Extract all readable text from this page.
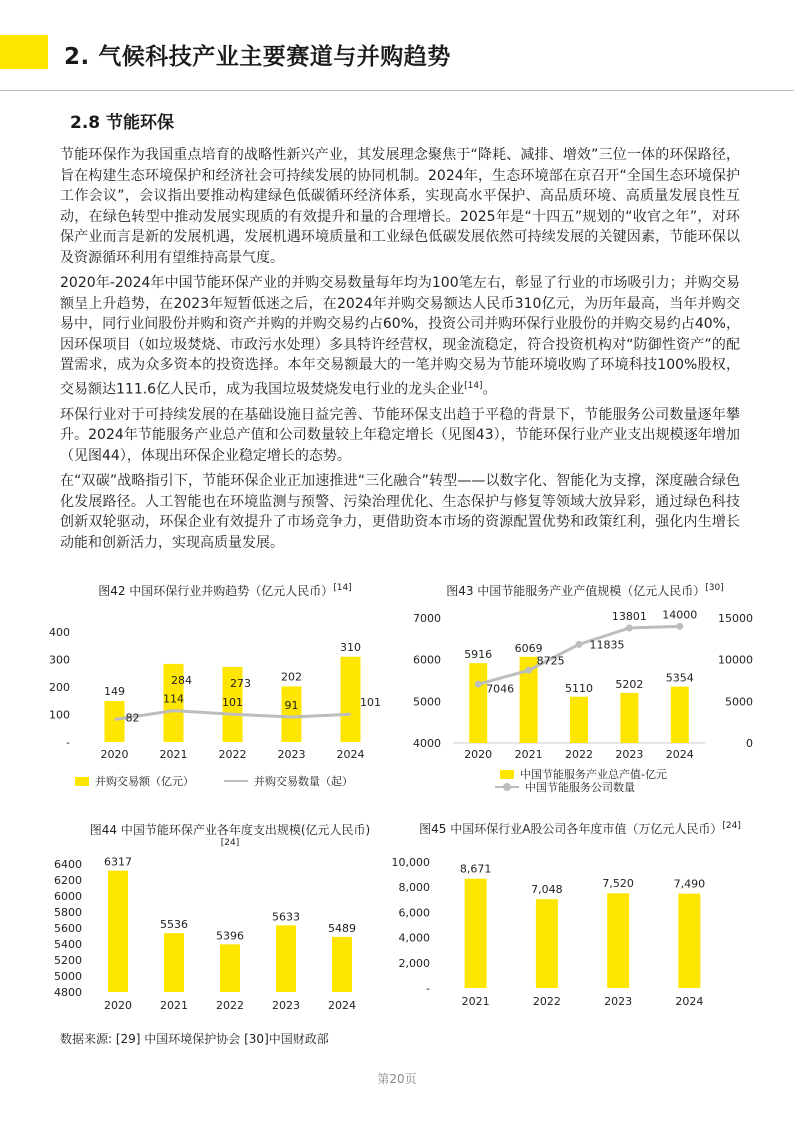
2. 气候科技产业主要赛道与并购趋势
2.8 节能环保

节能环保作为我国重点培育的战略性新兴产业，其发展理念聚焦于“降耗、减排、增效”三位一体的环保路径，旨在构建生态环境保护和经济社会可持续发展的协同机制。2024年，生态环境部在京召开“全国生态环境保护工作会议”，会议指出要推动构建绿色低碳循环经济体系，实现高水平保护、高品质环境、高质量发展良性互动，在绿色转型中推动发展实现质的有效提升和量的合理增长。2025年是“十四五”规划的“收官之年”，对环保产业而言是新的发展机遇，发展机遇环境质量和工业绿色低碳发展依然可持续发展的关键因素，节能环保以及资源循环利用有望维持高景气度。

2020年-2024年中国节能环保产业的并购交易数量每年均为100笔左右，彰显了行业的市场吸引力；并购交易额呈上升趋势，在2023年短暂低迷之后，在2024年并购交易额达人民币310亿元，为历年最高，当年并购交易中，同行业间股份并购和资产并购的并购交易约占60%，投资公司并购环保行业股份的并购交易约占40%，因环保项目（如垃圾焚烧、市政污水处理）多具特许经营权，现金流稳定，符合投资机构对“防御性资产”的配置需求，成为众多资本的投资选择。本年交易额最大的一笔并购交易为节能环境收购了环境科技100%股权，交易额达111.6亿人民币，成为我国垃圾焚烧发电行业的龙头企业[14]。

环保行业对于可持续发展的在基础设施日益完善、节能环保支出趋于平稳的背景下，节能服务公司数量逐年攀升。2024年节能服务产业总产值和公司数量较上年稳定增长（见图43），节能环保行业产业支出规模逐年增加（见图44），体现出环保企业稳定增长的态势。

在“双碳”战略指引下，节能环保企业正加速推进“三化融合”转型——以数字化、智能化为支撑，深度融合绿色化发展路径。人工智能也在环境监测与预警、污染治理优化、生态保护与修复等领域大放异彩，通过绿色科技创新双轮驱动，环保企业有效提升了市场竞争力，更借助资本市场的资源配置优势和政策红利，强化内生增长动能和创新活力，实现高质量发展。

图42 中国环保行业并购趋势（亿元人民币）[14]
400
300
200
100
-
149
2020
284
2021
273
2022
202
2023
310
2024
82
114	101	91	101
并购交易额（亿元）	并购交易数量（起）
图43 中国节能服务产业产值规模（亿元人民币）[30]
7000
6000
5000
4000
15000
10000
5000
0
5916
2020
6069
2021
5110
2022
5202
2023
5354
2024
7046
8725
11835
13801 14000
中国节能服务产业总产值-亿元
中国节能服务公司数量
图44 中国节能环保产业各年度支出规模(亿元人民币)
[24]
6400
6200
6000
5800
5600
5400
5200
5000
4800
6317
2020
5536
2021
5396
2022
5633
2023
5489
2024
图45 中国环保行业A股公司各年度市值（万亿元人民币）[24]
10,000
8,000
6,000
4,000
2,000
-
8,671
2021
7,048
2022
7,520
2023
7,490
2024
数据来源: [29] 中国环境保护协会 [30]中国财政部
第20页
